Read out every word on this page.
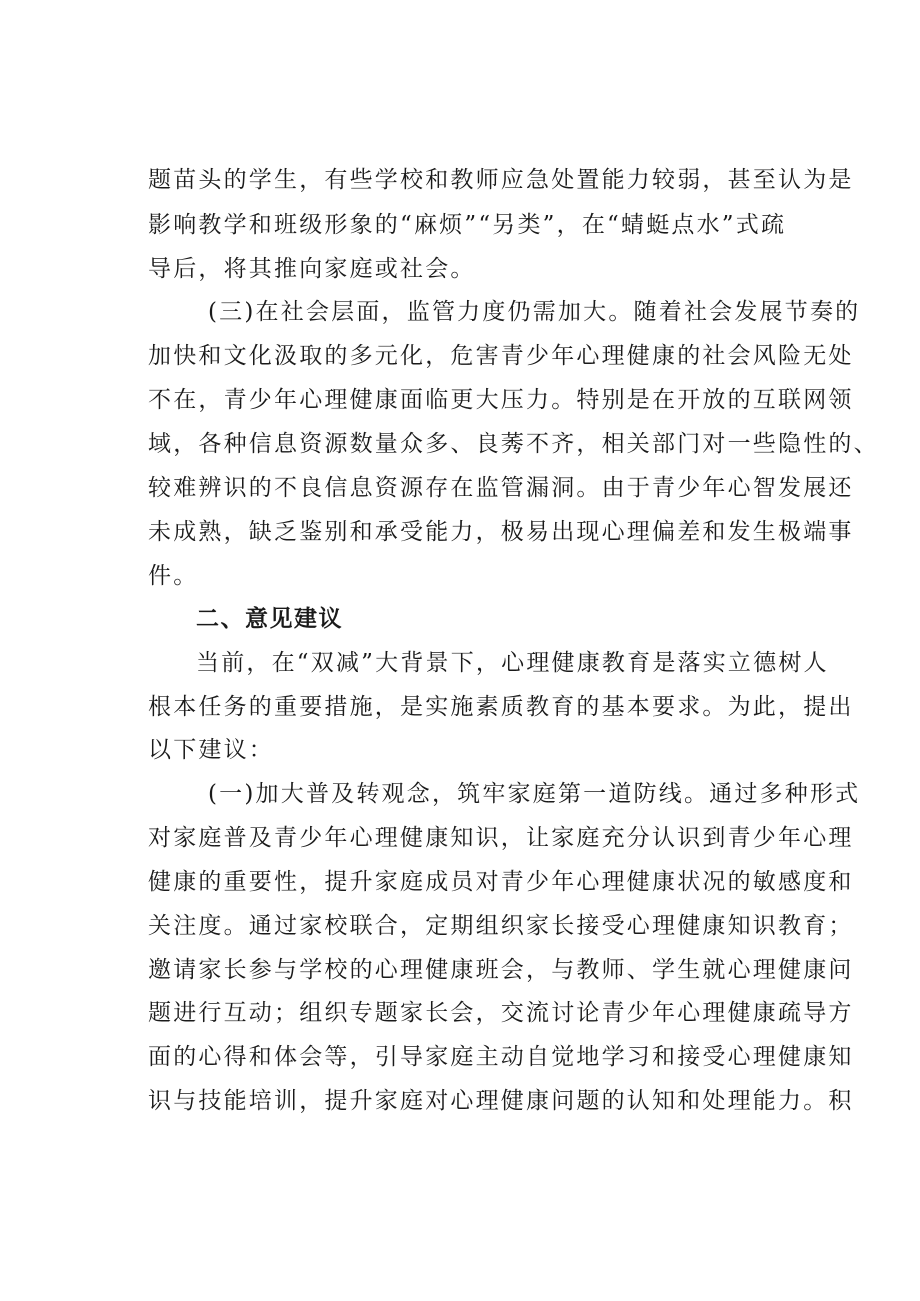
题苗头的学生，有些学校和教师应急处置能力较弱，甚至认为是
影响教学和班级形象的“麻烦”“另类”，在“蜻蜓点水”式疏
导后，将其推向家庭或社会。
(三)在社会层面，监管力度仍需加大。随着社会发展节奏的
加快和文化汲取的多元化，危害青少年心理健康的社会风险无处
不在，青少年心理健康面临更大压力。特别是在开放的互联网领
域，各种信息资源数量众多、良莠不齐，相关部门对一些隐性的、
较难辨识的不良信息资源存在监管漏洞。由于青少年心智发展还
未成熟，缺乏鉴别和承受能力，极易出现心理偏差和发生极端事
件。
二、意见建议
当前，在“双减”大背景下，心理健康教育是落实立德树人
根本任务的重要措施，是实施素质教育的基本要求。为此，提出
以下建议：
(一)加大普及转观念，筑牢家庭第一道防线。通过多种形式
对家庭普及青少年心理健康知识，让家庭充分认识到青少年心理
健康的重要性，提升家庭成员对青少年心理健康状况的敏感度和
关注度。通过家校联合，定期组织家长接受心理健康知识教育；
邀请家长参与学校的心理健康班会，与教师、学生就心理健康问
题进行互动；组织专题家长会，交流讨论青少年心理健康疏导方
面的心得和体会等，引导家庭主动自觉地学习和接受心理健康知
识与技能培训，提升家庭对心理健康问题的认知和处理能力。积
